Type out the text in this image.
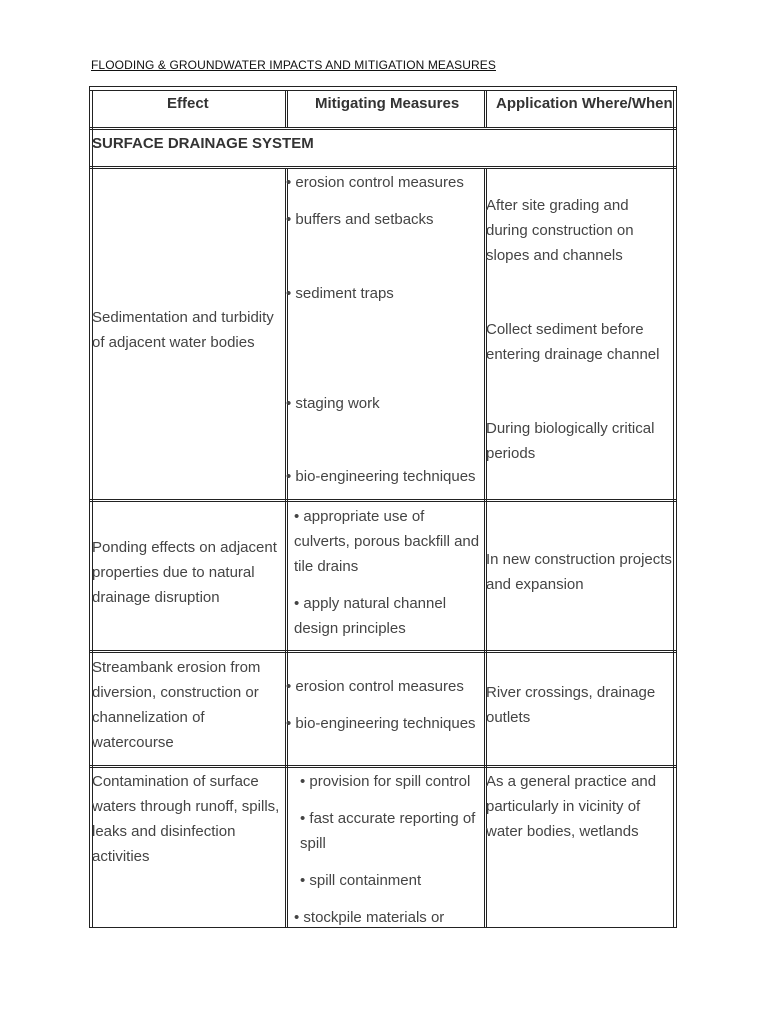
FLOODING & GROUNDWATER IMPACTS AND MITIGATION MEASURES
Effect	Mitigating Measures Application Where/When
SURFACE DRAINAGE SYSTEM
Sedimentation and turbidity
of adjacent water bodies
• erosion control measures
• buffers and setbacks
• sediment traps
• staging work
• bio-engineering techniques
After site grading and
during construction on
slopes and channels
Collect sediment before
entering drainage channel
During biologically critical
periods
Ponding effects on adjacent
properties due to natural
drainage disruption
• appropriate use of
culverts, porous backfill and
tile drains
• apply natural channel
design principles
In new construction projects
and expansion
Streambank erosion from
diversion, construction or
channelization of
watercourse
• erosion control measures
• bio-engineering techniques
River crossings, drainage
outlets
Contamination of surface
waters through runoff, spills,
leaks and disinfection
activities
• provision for spill control
• fast accurate reporting of
spill
• spill containment
• stockpile materials or
As a general practice and
particularly in vicinity of
water bodies, wetlands
